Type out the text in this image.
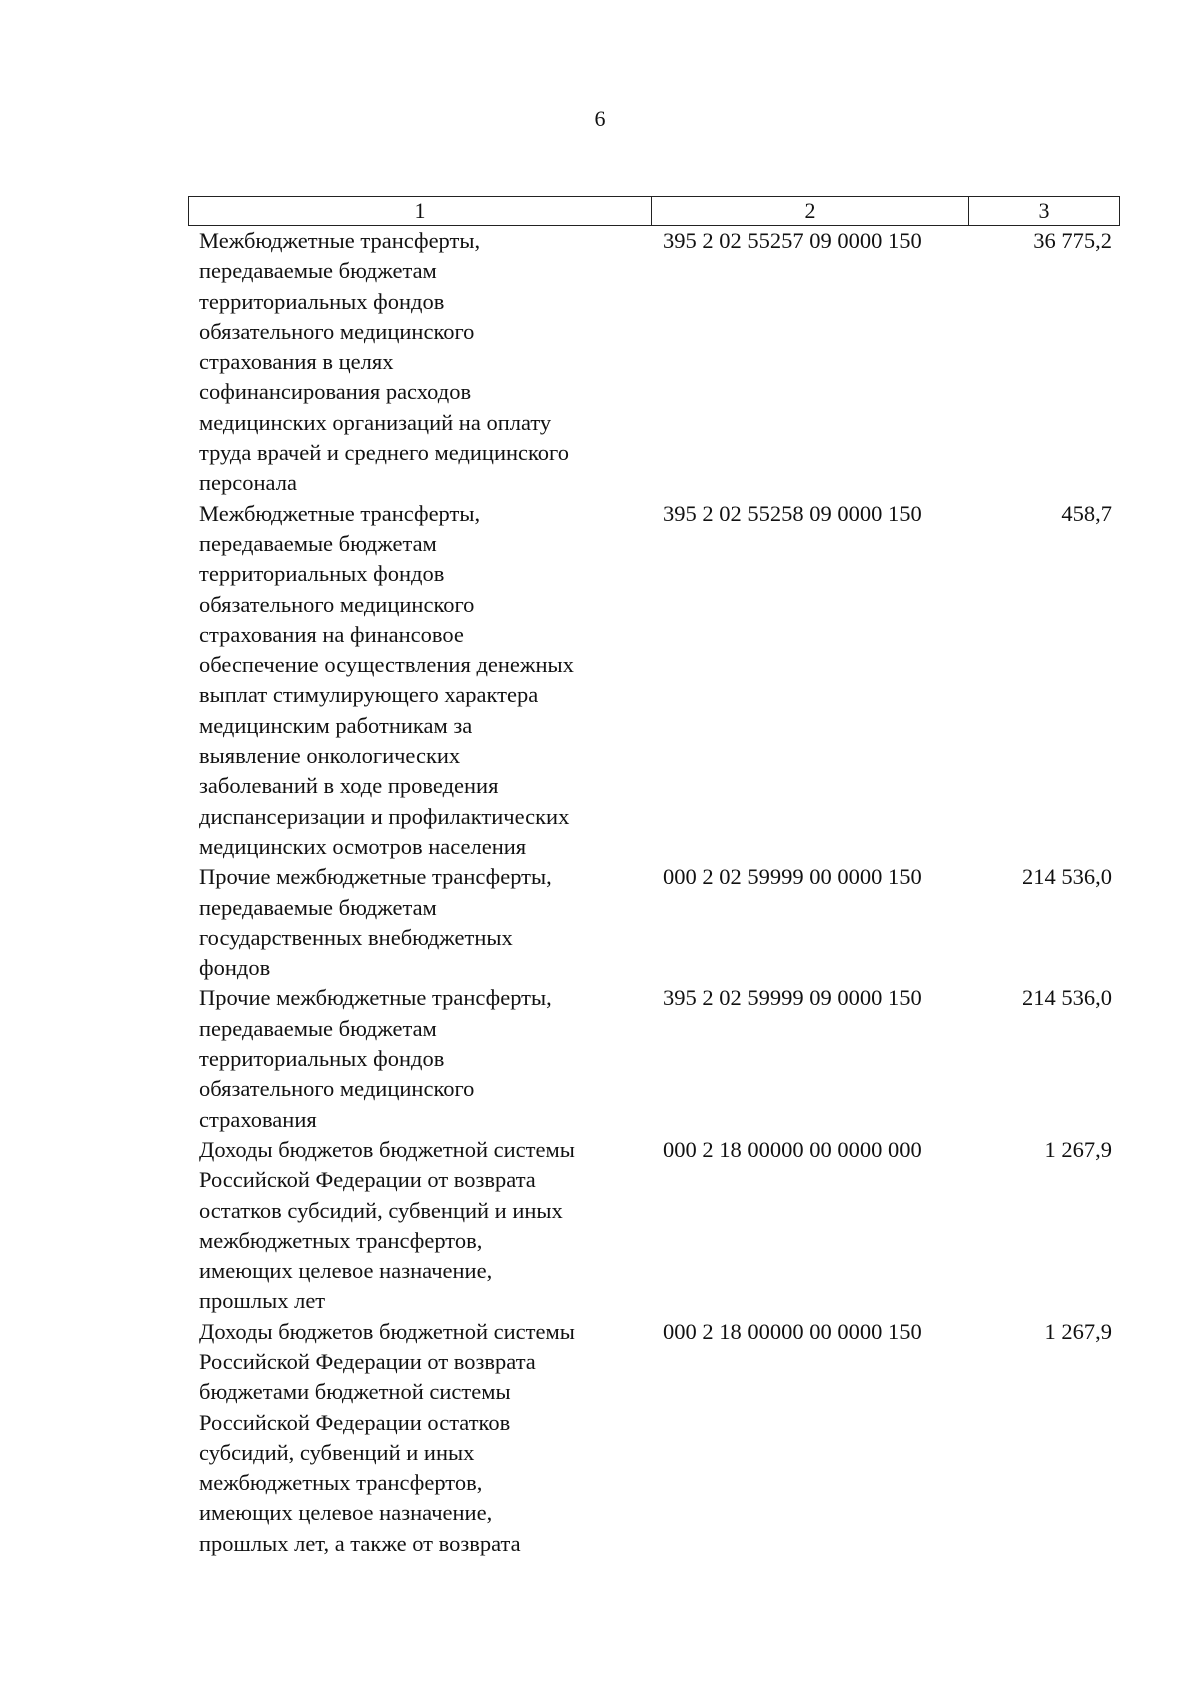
6
1	2	3
Межбюджетные трансферты,
передаваемые бюджетам
территориальных фондов
обязательного медицинского
страхования в целях
софинансирования расходов
медицинских организаций на оплату
труда врачей и среднего медицинского
персонала
395 2 02 55257 09 0000 150	36 775,2
Межбюджетные трансферты,
передаваемые бюджетам
территориальных фондов
обязательного медицинского
страхования на финансовое
обеспечение осуществления денежных
выплат стимулирующего характера
медицинским работникам за
выявление онкологических
заболеваний в ходе проведения
диспансеризации и профилактических
медицинских осмотров населения
395 2 02 55258 09 0000 150	458,7
Прочие межбюджетные трансферты,
передаваемые бюджетам
государственных внебюджетных
фондов
000 2 02 59999 00 0000 150	214 536,0
Прочие межбюджетные трансферты,
передаваемые бюджетам
территориальных фондов
обязательного медицинского
страхования
395 2 02 59999 09 0000 150	214 536,0
Доходы бюджетов бюджетной системы
Российской Федерации от возврата
остатков субсидий, субвенций и иных
межбюджетных трансфертов,
имеющих целевое назначение,
прошлых лет
000 2 18 00000 00 0000 000	1 267,9
Доходы бюджетов бюджетной системы
Российской Федерации от возврата
бюджетами бюджетной системы
Российской Федерации остатков
субсидий, субвенций и иных
межбюджетных трансфертов,
имеющих целевое назначение,
прошлых лет, а также от возврата
000 2 18 00000 00 0000 150	1 267,9
